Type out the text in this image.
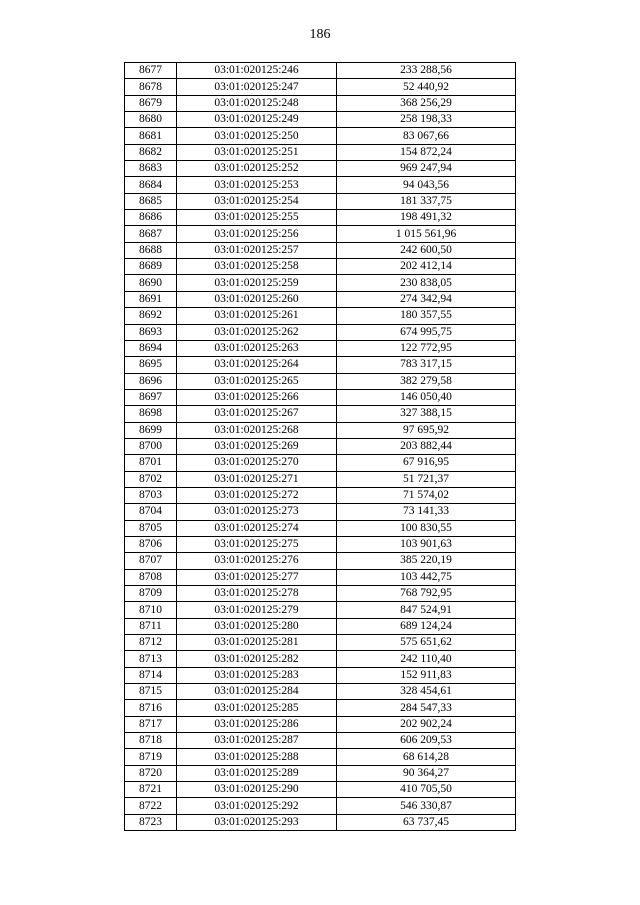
186
8677	03:01:020125:246	233 288,56
8678	03:01:020125:247	52 440,92
8679	03:01:020125:248	368 256,29
8680	03:01:020125:249	258 198,33
8681	03:01:020125:250	83 067,66
8682	03:01:020125:251	154 872,24
8683	03:01:020125:252	969 247,94
8684	03:01:020125:253	94 043,56
8685	03:01:020125:254	181 337,75
8686	03:01:020125:255	198 491,32
8687	03:01:020125:256	1 015 561,96
8688	03:01:020125:257	242 600,50
8689	03:01:020125:258	202 412,14
8690	03:01:020125:259	230 838,05
8691	03:01:020125:260	274 342,94
8692	03:01:020125:261	180 357,55
8693	03:01:020125:262	674 995,75
8694	03:01:020125:263	122 772,95
8695	03:01:020125:264	783 317,15
8696	03:01:020125:265	382 279,58
8697	03:01:020125:266	146 050,40
8698	03:01:020125:267	327 388,15
8699	03:01:020125:268	97 695,92
8700	03:01:020125:269	203 882,44
8701	03:01:020125:270	67 916,95
8702	03:01:020125:271	51 721,37
8703	03:01:020125:272	71 574,02
8704	03:01:020125:273	73 141,33
8705	03:01:020125:274	100 830,55
8706	03:01:020125:275	103 901,63
8707	03:01:020125:276	385 220,19
8708	03:01:020125:277	103 442,75
8709	03:01:020125:278	768 792,95
8710	03:01:020125:279	847 524,91
8711	03:01:020125:280	689 124,24
8712	03:01:020125:281	575 651,62
8713	03:01:020125:282	242 110,40
8714	03:01:020125:283	152 911,83
8715	03:01:020125:284	328 454,61
8716	03:01:020125:285	284 547,33
8717	03:01:020125:286	202 902,24
8718	03:01:020125:287	606 209,53
8719	03:01:020125:288	68 614,28
8720	03:01:020125:289	90 364,27
8721	03:01:020125:290	410 705,50
8722	03:01:020125:292	546 330,87
8723	03:01:020125:293	63 737,45
